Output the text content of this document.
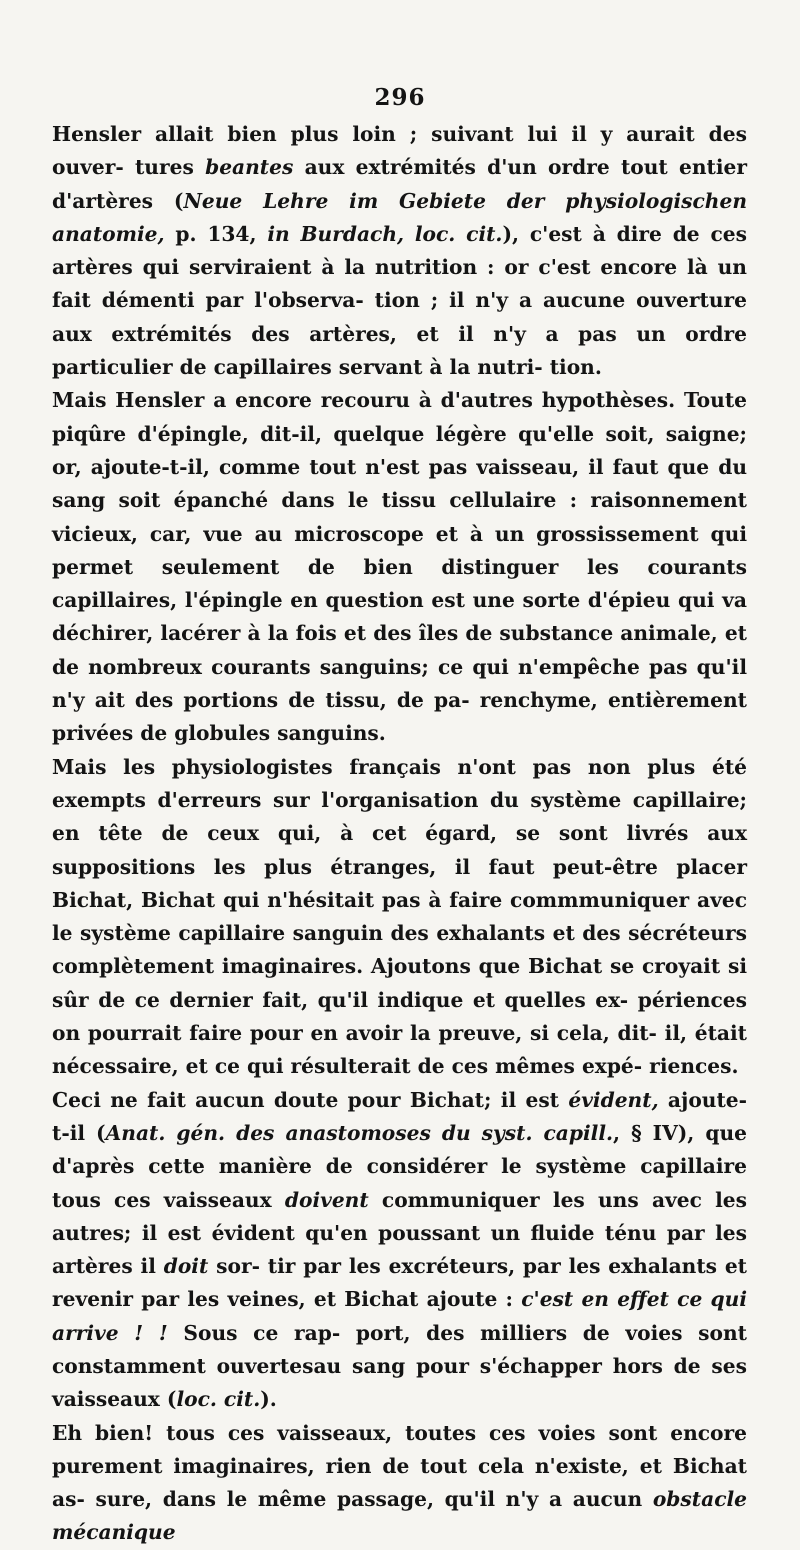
296

Hensler allait bien plus loin ; suivant lui il y aurait des ouver- tures beantes aux extrémités d'un ordre tout entier d'artères (Neue Lehre im Gebiete der physiologischen anatomie, p. 134, in Burdach, loc. cit.), c'est à dire de ces artères qui serviraient à la nutrition : or c'est encore là un fait démenti par l'observa- tion ; il n'y a aucune ouverture aux extrémités des artères, et il n'y a pas un ordre particulier de capillaires servant à la nutri- tion.

Mais Hensler a encore recouru à d'autres hypothèses. Toute piqûre d'épingle, dit-il, quelque légère qu'elle soit, saigne; or, ajoute-t-il, comme tout n'est pas vaisseau, il faut que du sang soit épanché dans le tissu cellulaire : raisonnement vicieux, car, vue au microscope et à un grossissement qui permet seulement de bien distinguer les courants capillaires, l'épingle en question est une sorte d'épieu qui va déchirer, lacérer à la fois et des îles de substance animale, et de nombreux courants sanguins; ce qui n'empêche pas qu'il n'y ait des portions de tissu, de pa- renchyme, entièrement privées de globules sanguins.

Mais les physiologistes français n'ont pas non plus été exempts d'erreurs sur l'organisation du système capillaire; en tête de ceux qui, à cet égard, se sont livrés aux suppositions les plus étranges, il faut peut-être placer Bichat, Bichat qui n'hésitait pas à faire commmuniquer avec le système capillaire sanguin des exhalants et des sécréteurs complètement imaginaires. Ajoutons que Bichat se croyait si sûr de ce dernier fait, qu'il indique et quelles ex- périences on pourrait faire pour en avoir la preuve, si cela, dit- il, était nécessaire, et ce qui résulterait de ces mêmes expé- riences.

Ceci ne fait aucun doute pour Bichat; il est évident, ajoute- t-il (Anat. gén. des anastomoses du syst. capill., § IV), que d'après cette manière de considérer le système capillaire tous ces vaisseaux doivent communiquer les uns avec les autres; il est évident qu'en poussant un fluide ténu par les artères il doit sor- tir par les excréteurs, par les exhalants et revenir par les veines, et Bichat ajoute : c'est en effet ce qui arrive ! ! Sous ce rap- port, des milliers de voies sont constamment ouvertesau sang pour s'échapper hors de ses vaisseaux (loc. cit.).

Eh bien! tous ces vaisseaux, toutes ces voies sont encore purement imaginaires, rien de tout cela n'existe, et Bichat as- sure, dans le même passage, qu'il n'y a aucun obstacle mécanique
